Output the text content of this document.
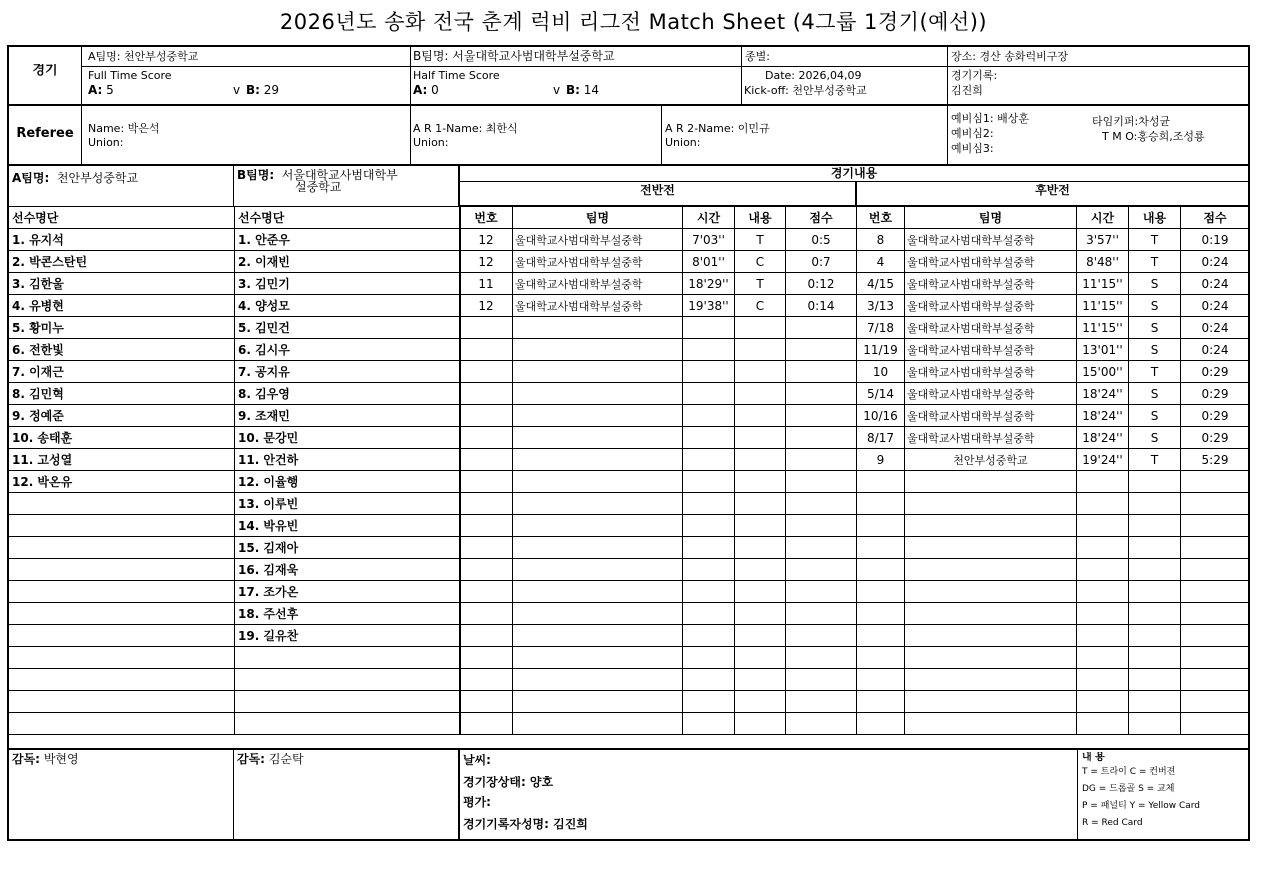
2026년도 송화 전국 춘계 럭비 리그전 Match Sheet (4그룹 1경기(예선))
경기
A팀명: 천안부성중학교	B팀명: 서울대학교사범대학부설중학교	종별:	장소: 경산 송화럭비구장
Full Time Score
A: 5	v B: 29
Half Time Score
A: 0	v B: 14
Date: 2026,04,09
Kick-off: 천안부성중학교
경기기록:
김진희
Referee	Name: 박은석
Union:
A R 1-Name: 최한식
Union:
A R 2-Name: 이민규
Union:
예비심1: 배상훈
예비심2:
예비심3:
타임키퍼:차성균
T M O:홍승희,조성룡
A팀명: 천안부성중학교	B팀명: 서울대학교사범대학부
설중학교
경기내용
전반전	후반전
선수명단	선수명단
1. 유지석	1. 안준우
2. 박콘스탄틴	2. 이재빈
3. 김한울	3. 김민기
4. 유병현	4. 양성모
5. 황미누	5. 김민건
6. 전한빛	6. 김시우
7. 이재근	7. 공지유
8. 김민혁	8. 김우영
9. 정예준	9. 조재민
10. 송태훈	10. 문강민
11. 고성열	11. 안건하
12. 박온유	12. 이율행
	13. 이루빈
	14. 박유빈
	15. 김재아
	16. 김재욱
	17. 조가온
	18. 주선후
	19. 길유찬

번호	팀명	시간	내용	점수
12	울대학교사범대학부설중학	7'03''	T	0:5
12	울대학교사범대학부설중학	8'01''	C	0:7
11	울대학교사범대학부설중학	18'29''	T	0:12
12	울대학교사범대학부설중학	19'38''	C	0:14

번호	팀명	시간	내용	점수
8	울대학교사범대학부설중학	3'57''	T	0:19
4	울대학교사범대학부설중학	8'48''	T	0:24
4/15	울대학교사범대학부설중학	11'15''	S	0:24
3/13	울대학교사범대학부설중학	11'15''	S	0:24
7/18	울대학교사범대학부설중학	11'15''	S	0:24
11/19	울대학교사범대학부설중학	13'01''	S	0:24
10	울대학교사범대학부설중학	15'00''	T	0:29
5/14	울대학교사범대학부설중학	18'24''	S	0:29
10/16	울대학교사범대학부설중학	18'24''	S	0:29
8/17	울대학교사범대학부설중학	18'24''	S	0:29
9	천안부성중학교	19'24''	T	5:29

감독: 박현영	감독: 김순탁	날씨:
경기장상태: 양호
평가:
경기기록자성명: 김진희
내 용
T = 트라이 C = 컨버젼
DG = 드롭골 S = 교체
P = 패널티 Y = Yellow Card
R = Red Card
